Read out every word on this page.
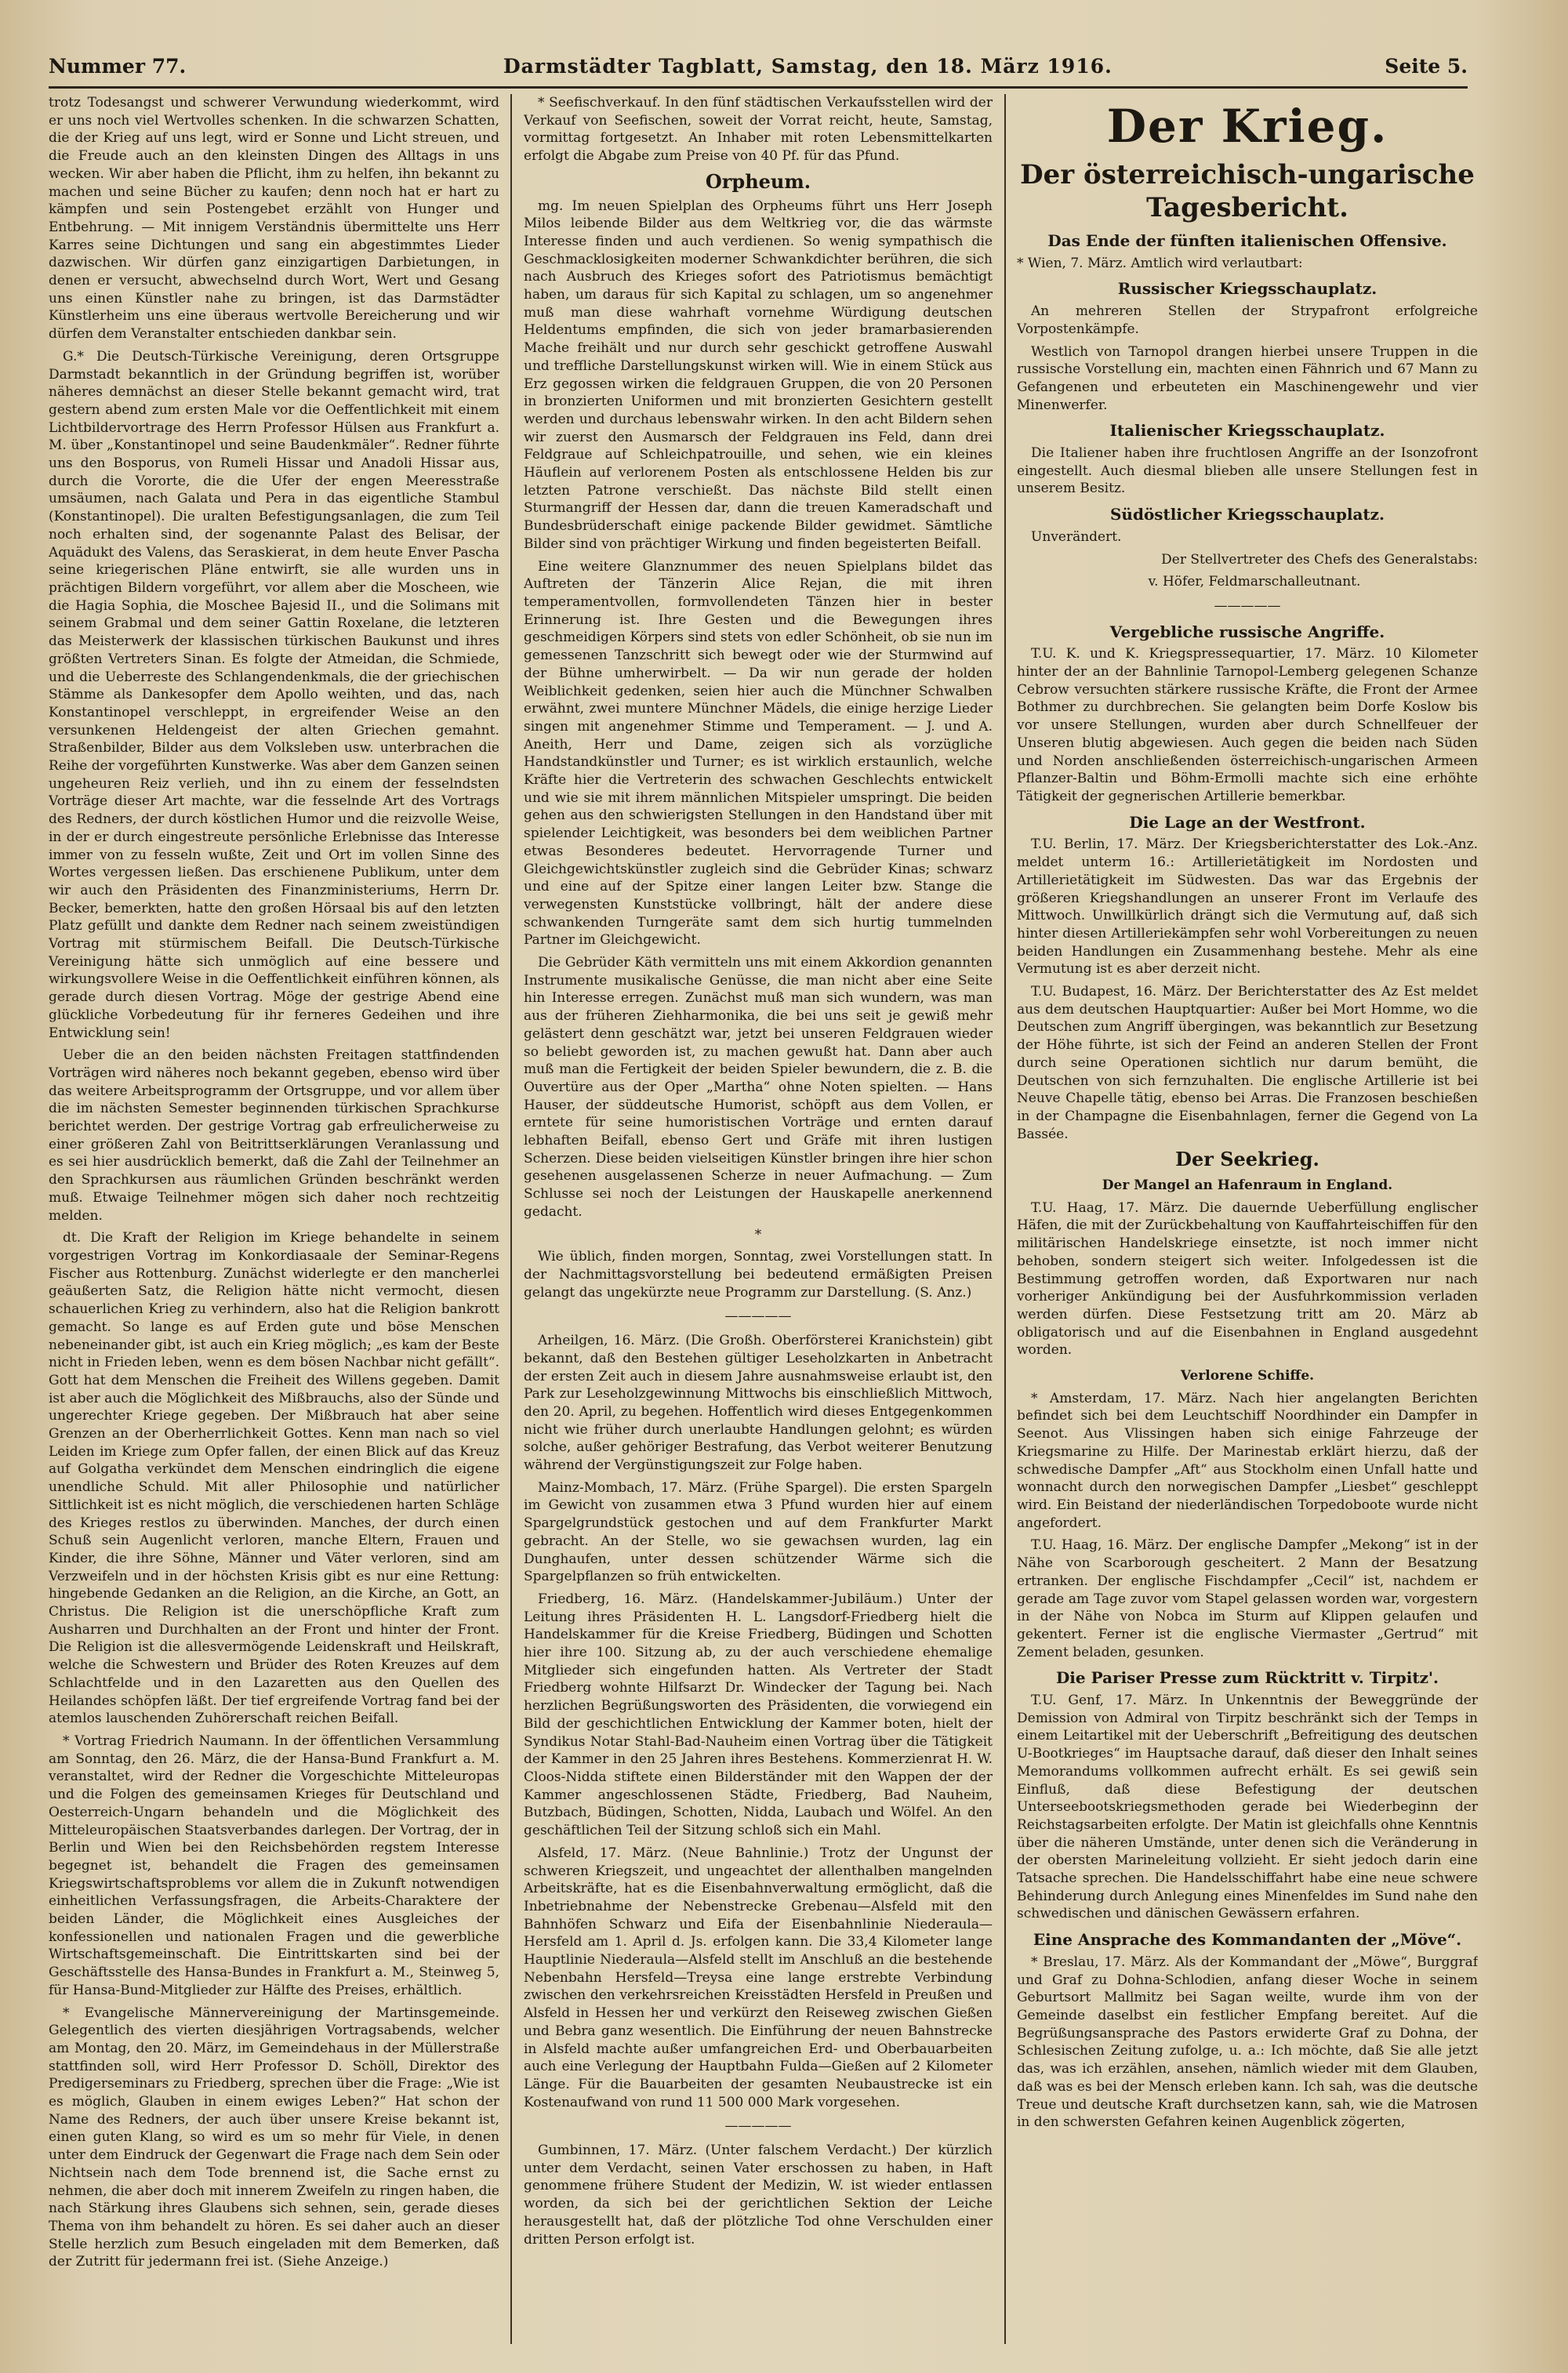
Nummer 77.	Darmstädter Tagblatt, Samstag, den 18. März 1916.	Seite 5.

trotz Todesangst und schwerer Verwundung wiederkommt, wird er uns noch viel Wertvolles schenken. In die schwarzen Schatten, die der Krieg auf uns legt, wird er Sonne und Licht streuen, und die Freude auch an den kleinsten Dingen des Alltags in uns wecken. Wir aber haben die Pflicht, ihm zu helfen, ihn bekannt zu machen und seine Bücher zu kaufen; denn noch hat er hart zu kämpfen und sein Postengebet erzählt von Hunger und Entbehrung. — Mit innigem Verständnis übermittelte uns Herr Karres seine Dichtungen und sang ein abgestimmtes Lieder dazwischen. Wir dürfen ganz einzigartigen Darbietungen, in denen er versucht, abwechselnd durch Wort, Wert und Gesang uns einen Künstler nahe zu bringen, ist das Darmstädter Künstlerheim uns eine überaus wertvolle Bereicherung und wir dürfen dem Veranstalter entschieden dankbar sein.

G.* Die Deutsch-Türkische Vereinigung, deren Ortsgruppe Darmstadt bekanntlich in der Gründung begriffen ist, worüber näheres demnächst an dieser Stelle bekannt gemacht wird, trat gestern abend zum ersten Male vor die Oeffentlichkeit mit einem Lichtbildervortrage des Herrn Professor Hülsen aus Frankfurt a. M. über „Konstantinopel und seine Baudenkmäler“. Redner führte uns den Bosporus, von Rumeli Hissar und Anadoli Hissar aus, durch die Vororte, die die Ufer der engen Meeresstraße umsäumen, nach Galata und Pera in das eigentliche Stambul (Konstantinopel). Die uralten Befestigungsanlagen, die zum Teil noch erhalten sind, der sogenannte Palast des Belisar, der Aquädukt des Valens, das Seraskierat, in dem heute Enver Pascha seine kriegerischen Pläne entwirft, sie alle wurden uns in prächtigen Bildern vorgeführt, vor allem aber die Moscheen, wie die Hagia Sophia, die Moschee Bajesid II., und die Solimans mit seinem Grabmal und dem seiner Gattin Roxelane, die letzteren das Meisterwerk der klassischen türkischen Baukunst und ihres größten Vertreters Sinan. Es folgte der Atmeidan, die Schmiede, und die Ueberreste des Schlangendenkmals, die der griechischen Stämme als Dankesopfer dem Apollo weihten, und das, nach Konstantinopel verschleppt, in ergreifender Weise an den versunkenen Heldengeist der alten Griechen gemahnt. Straßenbilder, Bilder aus dem Volksleben usw. unterbrachen die Reihe der vorgeführten Kunstwerke. Was aber dem Ganzen seinen ungeheuren Reiz verlieh, und ihn zu einem der fesselndsten Vorträge dieser Art machte, war die fesselnde Art des Vortrags des Redners, der durch köstlichen Humor und die reizvolle Weise, in der er durch eingestreute persönliche Erlebnisse das Interesse immer von zu fesseln wußte, Zeit und Ort im vollen Sinne des Wortes vergessen ließen. Das erschienene Publikum, unter dem wir auch den Präsidenten des Finanzministeriums, Herrn Dr. Becker, bemerkten, hatte den großen Hörsaal bis auf den letzten Platz gefüllt und dankte dem Redner nach seinem zweistündigen Vortrag mit stürmischem Beifall. Die Deutsch-Türkische Vereinigung hätte sich unmöglich auf eine bessere und wirkungsvollere Weise in die Oeffentlichkeit einführen können, als gerade durch diesen Vortrag. Möge der gestrige Abend eine glückliche Vorbedeutung für ihr ferneres Gedeihen und ihre Entwicklung sein!

Ueber die an den beiden nächsten Freitagen stattfindenden Vorträgen wird näheres noch bekannt gegeben, ebenso wird über das weitere Arbeitsprogramm der Ortsgruppe, und vor allem über die im nächsten Semester beginnenden türkischen Sprachkurse berichtet werden. Der gestrige Vortrag gab erfreulicherweise zu einer größeren Zahl von Beitrittserklärungen Veranlassung und es sei hier ausdrücklich bemerkt, daß die Zahl der Teilnehmer an den Sprachkursen aus räumlichen Gründen beschränkt werden muß. Etwaige Teilnehmer mögen sich daher noch rechtzeitig melden.

dt. Die Kraft der Religion im Kriege behandelte in seinem vorgestrigen Vortrag im Konkordiasaale der Seminar-Regens Fischer aus Rottenburg. Zunächst widerlegte er den mancherlei geäußerten Satz, die Religion hätte nicht vermocht, diesen schauerlichen Krieg zu verhindern, also hat die Religion bankrott gemacht. So lange es auf Erden gute und böse Menschen nebeneinander gibt, ist auch ein Krieg möglich; „es kam der Beste nicht in Frieden leben, wenn es dem bösen Nachbar nicht gefällt“. Gott hat dem Menschen die Freiheit des Willens gegeben. Damit ist aber auch die Möglichkeit des Mißbrauchs, also der Sünde und ungerechter Kriege gegeben. Der Mißbrauch hat aber seine Grenzen an der Oberherrlichkeit Gottes. Kenn man nach so viel Leiden im Kriege zum Opfer fallen, der einen Blick auf das Kreuz auf Golgatha verkündet dem Menschen eindringlich die eigene unendliche Schuld. Mit aller Philosophie und natürlicher Sittlichkeit ist es nicht möglich, die verschiedenen harten Schläge des Krieges restlos zu überwinden. Manches, der durch einen Schuß sein Augenlicht verloren, manche Eltern, Frauen und Kinder, die ihre Söhne, Männer und Väter verloren, sind am Verzweifeln und in der höchsten Krisis gibt es nur eine Rettung: hingebende Gedanken an die Religion, an die Kirche, an Gott, an Christus. Die Religion ist die unerschöpfliche Kraft zum Ausharren und Durchhalten an der Front und hinter der Front. Die Religion ist die allesvermögende Leidenskraft und Heilskraft, welche die Schwestern und Brüder des Roten Kreuzes auf dem Schlachtfelde und in den Lazaretten aus den Quellen des Heilandes schöpfen läßt. Der tief ergreifende Vortrag fand bei der atemlos lauschenden Zuhörerschaft reichen Beifall.

* Vortrag Friedrich Naumann. In der öffentlichen Versammlung am Sonntag, den 26. März, die der Hansa-Bund Frankfurt a. M. veranstaltet, wird der Redner die Vorgeschichte Mitteleuropas und die Folgen des gemeinsamen Krieges für Deutschland und Oesterreich-Ungarn behandeln und die Möglichkeit des Mitteleuropäischen Staatsverbandes darlegen. Der Vortrag, der in Berlin und Wien bei den Reichsbehörden regstem Interesse begegnet ist, behandelt die Fragen des gemeinsamen Kriegswirtschaftsproblems vor allem die in Zukunft notwendigen einheitlichen Verfassungsfragen, die Arbeits-Charaktere der beiden Länder, die Möglichkeit eines Ausgleiches der konfessionellen und nationalen Fragen und die gewerbliche Wirtschaftsgemeinschaft. Die Eintrittskarten sind bei der Geschäftsstelle des Hansa-Bundes in Frankfurt a. M., Steinweg 5, für Hansa-Bund-Mitglieder zur Hälfte des Preises, erhältlich.

* Evangelische Männervereinigung der Martinsgemeinde. Gelegentlich des vierten diesjährigen Vortragsabends, welcher am Montag, den 20. März, im Gemeindehaus in der Müllerstraße stattfinden soll, wird Herr Professor D. Schöll, Direktor des Predigerseminars zu Friedberg, sprechen über die Frage: „Wie ist es möglich, Glauben in einem ewiges Leben?“ Hat schon der Name des Redners, der auch über unsere Kreise bekannt ist, einen guten Klang, so wird es um so mehr für Viele, in denen unter dem Eindruck der Gegenwart die Frage nach dem Sein oder Nichtsein nach dem Tode brennend ist, die Sache ernst zu nehmen, die aber doch mit innerem Zweifeln zu ringen haben, die nach Stärkung ihres Glaubens sich sehnen, sein, gerade dieses Thema von ihm behandelt zu hören. Es sei daher auch an dieser Stelle herzlich zum Besuch eingeladen mit dem Bemerken, daß der Zutritt für jedermann frei ist. (Siehe Anzeige.)

* Seefischverkauf. In den fünf städtischen Verkaufsstellen wird der Verkauf von Seefischen, soweit der Vorrat reicht, heute, Samstag, vormittag fortgesetzt. An Inhaber mit roten Lebensmittelkarten erfolgt die Abgabe zum Preise von 40 Pf. für das Pfund.

Orpheum.

mg. Im neuen Spielplan des Orpheums führt uns Herr Joseph Milos leibende Bilder aus dem Weltkrieg vor, die das wärmste Interesse finden und auch verdienen. So wenig sympathisch die Geschmacklosigkeiten moderner Schwankdichter berühren, die sich nach Ausbruch des Krieges sofort des Patriotismus bemächtigt haben, um daraus für sich Kapital zu schlagen, um so angenehmer muß man diese wahrhaft vornehme Würdigung deutschen Heldentums empfinden, die sich von jeder bramarbasierenden Mache freihält und nur durch sehr geschickt getroffene Auswahl und treffliche Darstellungskunst wirken will. Wie in einem Stück aus Erz gegossen wirken die feldgrauen Gruppen, die von 20 Personen in bronzierten Uniformen und mit bronzierten Gesichtern gestellt werden und durchaus lebenswahr wirken. In den acht Bildern sehen wir zuerst den Ausmarsch der Feldgrauen ins Feld, dann drei Feldgraue auf Schleichpatrouille, und sehen, wie ein kleines Häuflein auf verlorenem Posten als entschlossene Helden bis zur letzten Patrone verschießt. Das nächste Bild stellt einen Sturmangriff der Hessen dar, dann die treuen Kameradschaft und Bundesbrüderschaft einige packende Bilder gewidmet. Sämtliche Bilder sind von prächtiger Wirkung und finden begeisterten Beifall.

Eine weitere Glanznummer des neuen Spielplans bildet das Auftreten der Tänzerin Alice Rejan, die mit ihren temperamentvollen, formvollendeten Tänzen hier in bester Erinnerung ist. Ihre Gesten und die Bewegungen ihres geschmeidigen Körpers sind stets von edler Schönheit, ob sie nun im gemessenen Tanzschritt sich bewegt oder wie der Sturmwind auf der Bühne umherwirbelt. — Da wir nun gerade der holden Weiblichkeit gedenken, seien hier auch die Münchner Schwalben erwähnt, zwei muntere Münchner Mädels, die einige herzige Lieder singen mit angenehmer Stimme und Temperament. — J. und A. Aneith, Herr und Dame, zeigen sich als vorzügliche Handstandkünstler und Turner; es ist wirklich erstaunlich, welche Kräfte hier die Vertreterin des schwachen Geschlechts entwickelt und wie sie mit ihrem männlichen Mitspieler umspringt. Die beiden gehen aus den schwierigsten Stellungen in den Handstand über mit spielender Leichtigkeit, was besonders bei dem weiblichen Partner etwas Besonderes bedeutet. Hervorragende Turner und Gleichgewichtskünstler zugleich sind die Gebrüder Kinas; schwarz und eine auf der Spitze einer langen Leiter bzw. Stange die verwegensten Kunststücke vollbringt, hält der andere diese schwankenden Turngeräte samt dem sich hurtig tummelnden Partner im Gleichgewicht.

Die Gebrüder Käth vermitteln uns mit einem Akkordion genannten Instrumente musikalische Genüsse, die man nicht aber eine Seite hin Interesse erregen. Zunächst muß man sich wundern, was man aus der früheren Ziehharmonika, die bei uns seit je gewiß mehr gelästert denn geschätzt war, jetzt bei unseren Feldgrauen wieder so beliebt geworden ist, zu machen gewußt hat. Dann aber auch muß man die Fertigkeit der beiden Spieler bewundern, die z. B. die Ouvertüre aus der Oper „Martha“ ohne Noten spielten. — Hans Hauser, der süddeutsche Humorist, schöpft aus dem Vollen, er erntete für seine humoristischen Vorträge und ernten darauf lebhaften Beifall, ebenso Gert und Gräfe mit ihren lustigen Scherzen. Diese beiden vielseitigen Künstler bringen ihre hier schon gesehenen ausgelassenen Scherze in neuer Aufmachung. — Zum Schlusse sei noch der Leistungen der Hauskapelle anerkennend gedacht.

*

Wie üblich, finden morgen, Sonntag, zwei Vorstellungen statt. In der Nachmittagsvorstellung bei bedeutend ermäßigten Preisen gelangt das ungekürzte neue Programm zur Darstellung. (S. Anz.)

—————

Arheilgen, 16. März. (Die Großh. Oberförsterei Kranichstein) gibt bekannt, daß den Bestehen gültiger Leseholzkarten in Anbetracht der ersten Zeit auch in diesem Jahre ausnahmsweise erlaubt ist, den Park zur Leseholzgewinnung Mittwochs bis einschließlich Mittwoch, den 20. April, zu begehen. Hoffentlich wird dieses Entgegenkommen nicht wie früher durch unerlaubte Handlungen gelohnt; es würden solche, außer gehöriger Bestrafung, das Verbot weiterer Benutzung während der Vergünstigungszeit zur Folge haben.

Mainz-Mombach, 17. März. (Frühe Spargel). Die ersten Spargeln im Gewicht von zusammen etwa 3 Pfund wurden hier auf einem Spargelgrundstück gestochen und auf dem Frankfurter Markt gebracht. An der Stelle, wo sie gewachsen wurden, lag ein Dunghaufen, unter dessen schützender Wärme sich die Spargelpflanzen so früh entwickelten.

Friedberg, 16. März. (Handelskammer-Jubiläum.) Unter der Leitung ihres Präsidenten H. L. Langsdorf-Friedberg hielt die Handelskammer für die Kreise Friedberg, Büdingen und Schotten hier ihre 100. Sitzung ab, zu der auch verschiedene ehemalige Mitglieder sich eingefunden hatten. Als Vertreter der Stadt Friedberg wohnte Hilfsarzt Dr. Windecker der Tagung bei. Nach herzlichen Begrüßungsworten des Präsidenten, die vorwiegend ein Bild der geschichtlichen Entwicklung der Kammer boten, hielt der Syndikus Notar Stahl-Bad-Nauheim einen Vortrag über die Tätigkeit der Kammer in den 25 Jahren ihres Bestehens. Kommerzienrat H. W. Cloos-Nidda stiftete einen Bilderständer mit den Wappen der der Kammer angeschlossenen Städte, Friedberg, Bad Nauheim, Butzbach, Büdingen, Schotten, Nidda, Laubach und Wölfel. An den geschäftlichen Teil der Sitzung schloß sich ein Mahl.

Alsfeld, 17. März. (Neue Bahnlinie.) Trotz der Ungunst der schweren Kriegszeit, und ungeachtet der allenthalben mangelnden Arbeitskräfte, hat es die Eisenbahnverwaltung ermöglicht, daß die Inbetriebnahme der Nebenstrecke Grebenau—Alsfeld mit den Bahnhöfen Schwarz und Eifa der Eisenbahnlinie Niederaula—Hersfeld am 1. April d. Js. erfolgen kann. Die 33,4 Kilometer lange Hauptlinie Niederaula—Alsfeld stellt im Anschluß an die bestehende Nebenbahn Hersfeld—Treysa eine lange erstrebte Verbindung zwischen den verkehrsreichen Kreisstädten Hersfeld in Preußen und Alsfeld in Hessen her und verkürzt den Reiseweg zwischen Gießen und Bebra ganz wesentlich. Die Einführung der neuen Bahnstrecke in Alsfeld machte außer umfangreichen Erd- und Oberbauarbeiten auch eine Verlegung der Hauptbahn Fulda—Gießen auf 2 Kilometer Länge. Für die Bauarbeiten der gesamten Neubaustrecke ist ein Kostenaufwand von rund 11 500 000 Mark vorgesehen.

—————

Gumbinnen, 17. März. (Unter falschem Verdacht.) Der kürzlich unter dem Verdacht, seinen Vater erschossen zu haben, in Haft genommene frühere Student der Medizin, W. ist wieder entlassen worden, da sich bei der gerichtlichen Sektion der Leiche herausgestellt hat, daß der plötzliche Tod ohne Verschulden einer dritten Person erfolgt ist.

Der Krieg.
Der österreichisch-ungarische Tagesbericht.
Das Ende der fünften italienischen Offensive.

* Wien, 7. März. Amtlich wird verlautbart:

Russischer Kriegsschauplatz.

An mehreren Stellen der Strypafront erfolgreiche Vorpostenkämpfe.

Westlich von Tarnopol drangen hierbei unsere Truppen in die russische Vorstellung ein, machten einen Fähnrich und 67 Mann zu Gefangenen und erbeuteten ein Maschinengewehr und vier Minenwerfer.

Italienischer Kriegsschauplatz.

Die Italiener haben ihre fruchtlosen Angriffe an der Isonzofront eingestellt. Auch diesmal blieben alle unsere Stellungen fest in unserem Besitz.

Südöstlicher Kriegsschauplatz.

Unverändert.

Der Stellvertreter des Chefs des Generalstabs:

v. Höfer, Feldmarschalleutnant.

—————
Vergebliche russische Angriffe.

T.U. K. und K. Kriegspressequartier, 17. März. 10 Kilometer hinter der an der Bahnlinie Tarnopol-Lemberg gelegenen Schanze Cebrow versuchten stärkere russische Kräfte, die Front der Armee Bothmer zu durchbrechen. Sie gelangten beim Dorfe Koslow bis vor unsere Stellungen, wurden aber durch Schnellfeuer der Unseren blutig abgewiesen. Auch gegen die beiden nach Süden und Norden anschließenden österreichisch-ungarischen Armeen Pflanzer-Baltin und Böhm-Ermolli machte sich eine erhöhte Tätigkeit der gegnerischen Artillerie bemerkbar.

Die Lage an der Westfront.

T.U. Berlin, 17. März. Der Kriegsberichterstatter des Lok.-Anz. meldet unterm 16.: Artillerietätigkeit im Nordosten und Artillerietätigkeit im Südwesten. Das war das Ergebnis der größeren Kriegshandlungen an unserer Front im Verlaufe des Mittwoch. Unwillkürlich drängt sich die Vermutung auf, daß sich hinter diesen Artilleriekämpfen sehr wohl Vorbereitungen zu neuen beiden Handlungen ein Zusammenhang bestehe. Mehr als eine Vermutung ist es aber derzeit nicht.

T.U. Budapest, 16. März. Der Berichterstatter des Az Est meldet aus dem deutschen Hauptquartier: Außer bei Mort Homme, wo die Deutschen zum Angriff übergingen, was bekanntlich zur Besetzung der Höhe führte, ist sich der Feind an anderen Stellen der Front durch seine Operationen sichtlich nur darum bemüht, die Deutschen von sich fernzuhalten. Die englische Artillerie ist bei Neuve Chapelle tätig, ebenso bei Arras. Die Franzosen beschießen in der Champagne die Eisenbahnlagen, ferner die Gegend von La Bassée.

Der Seekrieg.
Der Mangel an Hafenraum in England.

T.U. Haag, 17. März. Die dauernde Ueberfüllung englischer Häfen, die mit der Zurückbehaltung von Kauffahrteischiffen für den militärischen Handelskriege einsetzte, ist noch immer nicht behoben, sondern steigert sich weiter. Infolgedessen ist die Bestimmung getroffen worden, daß Exportwaren nur nach vorheriger Ankündigung bei der Ausfuhrkommission verladen werden dürfen. Diese Festsetzung tritt am 20. März ab obligatorisch und auf die Eisenbahnen in England ausgedehnt worden.

Verlorene Schiffe.

* Amsterdam, 17. März. Nach hier angelangten Berichten befindet sich bei dem Leuchtschiff Noordhinder ein Dampfer in Seenot. Aus Vlissingen haben sich einige Fahrzeuge der Kriegsmarine zu Hilfe. Der Marinestab erklärt hierzu, daß der schwedische Dampfer „Aft“ aus Stockholm einen Unfall hatte und wonnacht durch den norwegischen Dampfer „Liesbet“ geschleppt wird. Ein Beistand der niederländischen Torpedoboote wurde nicht angefordert.

T.U. Haag, 16. März. Der englische Dampfer „Mekong“ ist in der Nähe von Scarborough gescheitert. 2 Mann der Besatzung ertranken. Der englische Fischdampfer „Cecil“ ist, nachdem er gerade am Tage zuvor vom Stapel gelassen worden war, vorgestern in der Nähe von Nobca im Sturm auf Klippen gelaufen und gekentert. Ferner ist die englische Viermaster „Gertrud“ mit Zement beladen, gesunken.

Die Pariser Presse zum Rücktritt v. Tirpitz'.

T.U. Genf, 17. März. In Unkenntnis der Beweggründe der Demission von Admiral von Tirpitz beschränkt sich der Temps in einem Leitartikel mit der Ueberschrift „Befreitigung des deutschen U-Bootkrieges“ im Hauptsache darauf, daß dieser den Inhalt seines Memorandums vollkommen aufrecht erhält. Es sei gewiß sein Einfluß, daß diese Befestigung der deutschen Unterseebootskriegsmethoden gerade bei Wiederbeginn der Reichstagsarbeiten erfolgte. Der Matin ist gleichfalls ohne Kenntnis über die näheren Umstände, unter denen sich die Veränderung in der obersten Marineleitung vollzieht. Er sieht jedoch darin eine Tatsache sprechen. Die Handelsschiffahrt habe eine neue schwere Behinderung durch Anlegung eines Minenfeldes im Sund nahe den schwedischen und dänischen Gewässern erfahren.

Eine Ansprache des Kommandanten der „Möve“.

* Breslau, 17. März. Als der Kommandant der „Möwe“, Burggraf und Graf zu Dohna-Schlodien, anfang dieser Woche in seinem Geburtsort Mallmitz bei Sagan weilte, wurde ihm von der Gemeinde daselbst ein festlicher Empfang bereitet. Auf die Begrüßungsansprache des Pastors erwiderte Graf zu Dohna, der Schlesischen Zeitung zufolge, u. a.: Ich möchte, daß Sie alle jetzt das, was ich erzählen, ansehen, nämlich wieder mit dem Glauben, daß was es bei der Mensch erleben kann. Ich sah, was die deutsche Treue und deutsche Kraft durchsetzen kann, sah, wie die Matrosen in den schwersten Gefahren keinen Augenblick zögerten,
